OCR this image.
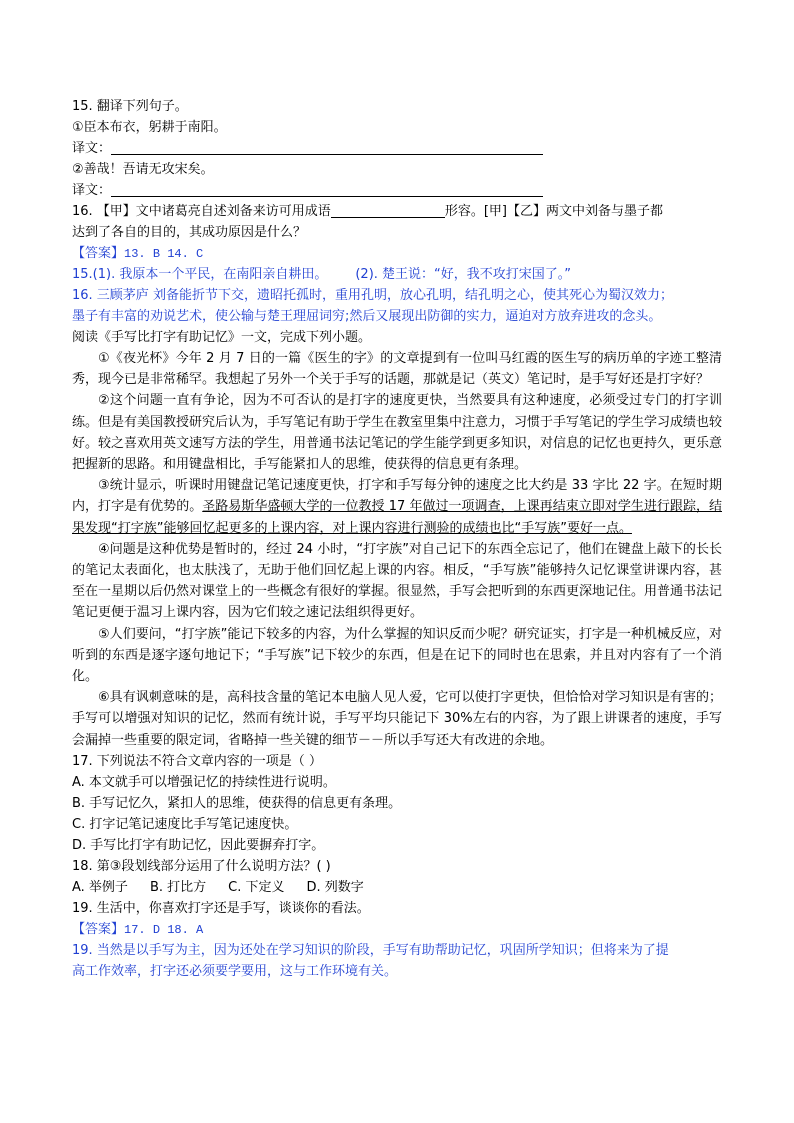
15. 翻译下列句子。
①臣本布衣，躬耕于南阳。
译文：
②善哉！吾请无攻宋矣。
译文：
16. 【甲】文中诸葛亮自述刘备来访可用成语	形容。[甲]【乙】两文中刘备与墨子都
达到了各自的目的，其成功原因是什么？
【答案】13. B 14. C
15.(1). 我原本一个平民，在南阳亲自耕田。 (2). 楚王说：“好，我不攻打宋国了。”
16. 三顾茅庐 刘备能折节下交，遗昭托孤时，重用孔明，放心孔明，结孔明之心，使其死心为蜀汉效力；
墨子有丰富的劝说艺术，使公输与楚王理屈词穷;然后又展现出防御的实力，逼迫对方放弃进攻的念头。
阅读《手写比打字有助记忆》一文，完成下列小题。
①《夜光杯》今年 2 月 7 日的一篇《医生的字》的文章提到有一位叫马红霞的医生写的病历单的字迹工整清秀，现今已是非常稀罕。我想起了另外一个关于手写的话题，那就是记（英文）笔记时，是手写好还是打字好？
②这个问题一直有争论，因为不可否认的是打字的速度更快，当然要具有这种速度，必须受过专门的打字训练。但是有美国教授研究后认为，手写笔记有助于学生在教室里集中注意力，习惯于手写笔记的学生学习成绩也较好。较之喜欢用英文速写方法的学生，用普通书法记笔记的学生能学到更多知识，对信息的记忆也更持久，更乐意把握新的思路。和用键盘相比，手写能紧扣人的思维，使获得的信息更有条理。
③统计显示，听课时用键盘记笔记速度更快，打字和手写每分钟的速度之比大约是 33 字比 22 字。在短时期内，打字是有优势的。圣路易斯华盛顿大学的一位教授 17 年做过一项调查，上课再结束立即对学生进行跟踪，结果发现“打字族”能够回忆起更多的上课内容，对上课内容进行测验的成绩也比“手写族”要好一点。
④问题是这种优势是暂时的，经过 24 小时，“打字族”对自己记下的东西全忘记了，他们在键盘上敲下的长长的笔记太表面化，也太肤浅了，无助于他们回忆起上课的内容。相反，“手写族”能够持久记忆课堂讲课内容，甚至在一星期以后仍然对课堂上的一些概念有很好的掌握。很显然，手写会把听到的东西更深地记住。用普通书法记笔记更便于温习上课内容，因为它们较之速记法组织得更好。
⑤人们要问，“打字族”能记下较多的内容，为什么掌握的知识反而少呢？研究证实，打字是一种机械反应，对听到的东西是逐字逐句地记下；“手写族”记下较少的东西，但是在记下的同时也在思索，并且对内容有了一个消化。
⑥具有讽刺意味的是，高科技含量的笔记本电脑人见人爱，它可以使打字更快，但恰恰对学习知识是有害的；手写可以增强对知识的记忆，然而有统计说，手写平均只能记下 30%左右的内容，为了跟上讲课者的速度，手写会漏掉一些重要的限定词，省略掉一些关键的细节－－所以手写还大有改进的余地。
17. 下列说法不符合文章内容的一项是（ ）
A. 本文就手可以增强记忆的持续性进行说明。
B. 手写记忆久，紧扣人的思维，使获得的信息更有条理。
C. 打字记笔记速度比手写笔记速度快。
D. 手写比打字有助记忆，因此要摒弃打字。
18. 第③段划线部分运用了什么说明方法？( )
A. 举例子 B. 打比方 C. 下定义 D. 列数字
19. 生活中，你喜欢打字还是手写，谈谈你的看法。
【答案】17. D 18. A
19. 当然是以手写为主，因为还处在学习知识的阶段，手写有助帮助记忆，巩固所学知识；但将来为了提
高工作效率，打字还必须要学要用，这与工作环境有关。
